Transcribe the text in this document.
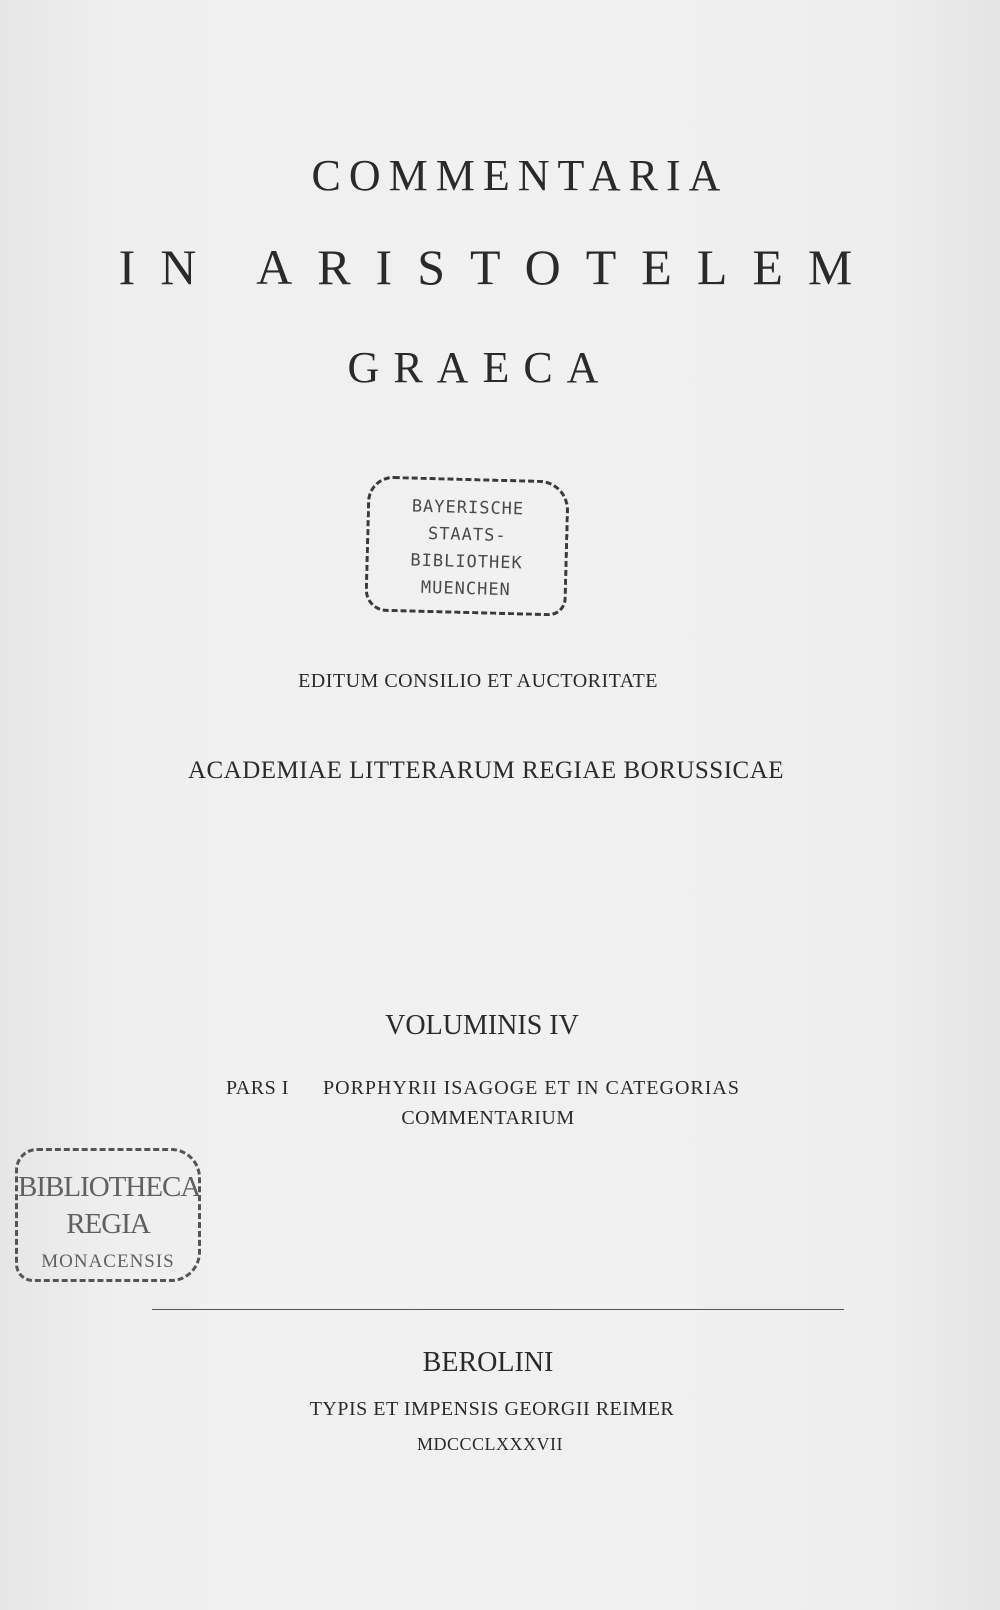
COMMENTARIA
IN ARISTOTELEM
GRAECA
BAYERISCHE
STAATS-
BIBLIOTHEK
MUENCHEN
EDITUM CONSILIO ET AUCTORITATE
ACADEMIAE LITTERARUM REGIAE BORUSSICAE
VOLUMINIS IV
PARS I PORPHYRII ISAGOGE ET IN CATEGORIAS
COMMENTARIUM
BIBLIOTHECA
REGIA
MONACENSIS
BEROLINI
TYPIS ET IMPENSIS GEORGII REIMER
MDCCCLXXXVII
